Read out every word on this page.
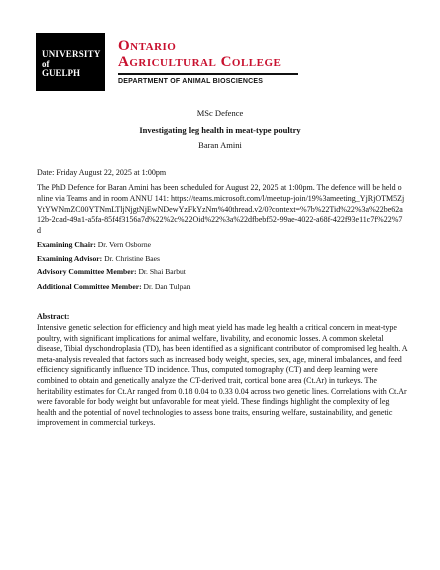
UNIVERSITY
of
GUELPH
Ontario
Agricultural College
DEPARTMENT OF ANIMAL BIOSCIENCES
MSc Defence
Investigating leg health in meat-type poultry
Baran Amini
Date: Friday August 22, 2025 at 1:00pm
The PhD Defence for Baran Amini has been scheduled for August 22, 2025 at 1:00pm. The defence will be held online via Teams and in room ANNU 141: https://teams.microsoft.com/l/meetup-join/19%3ameeting_YjRjOTM5ZjYtYWNmZC00YTNmLTljNjgtNjEwNDewYzFkYzNm%40thread.v2/0?context=%7b%22Tid%22%3a%22be62a12b-2cad-49a1-a5fa-85f4f3156a7d%22%2c%22Oid%22%3a%22dfbebf52-99ae-4022-a68f-422f93e11c7f%22%7d
Examining Chair: Dr. Vern Osborne
Examining Advisor: Dr. Christine Baes
Advisory Committee Member: Dr. Shai Barbut
Additional Committee Member: Dr. Dan Tulpan
Abstract:
Intensive genetic selection for efficiency and high meat yield has made leg health a critical concern in meat-type poultry, with significant implications for animal welfare, livability, and economic losses. A common skeletal disease, Tibial dyschondroplasia (TD), has been identified as a significant contributor of compromised leg health. A meta-analysis revealed that factors such as increased body weight, species, sex, age, mineral imbalances, and feed efficiency significantly influence TD incidence. Thus, computed tomography (CT) and deep learning were combined to obtain and genetically analyze the CT-derived trait, cortical bone area (Ct.Ar) in turkeys. The heritability estimates for Ct.Ar ranged from 0.18 0.04 to 0.33 0.04 across two genetic lines. Correlations with Ct.Ar were favorable for body weight but unfavorable for meat yield. These findings highlight the complexity of leg health and the potential of novel technologies to assess bone traits, ensuring welfare, sustainability, and genetic improvement in commercial turkeys.
